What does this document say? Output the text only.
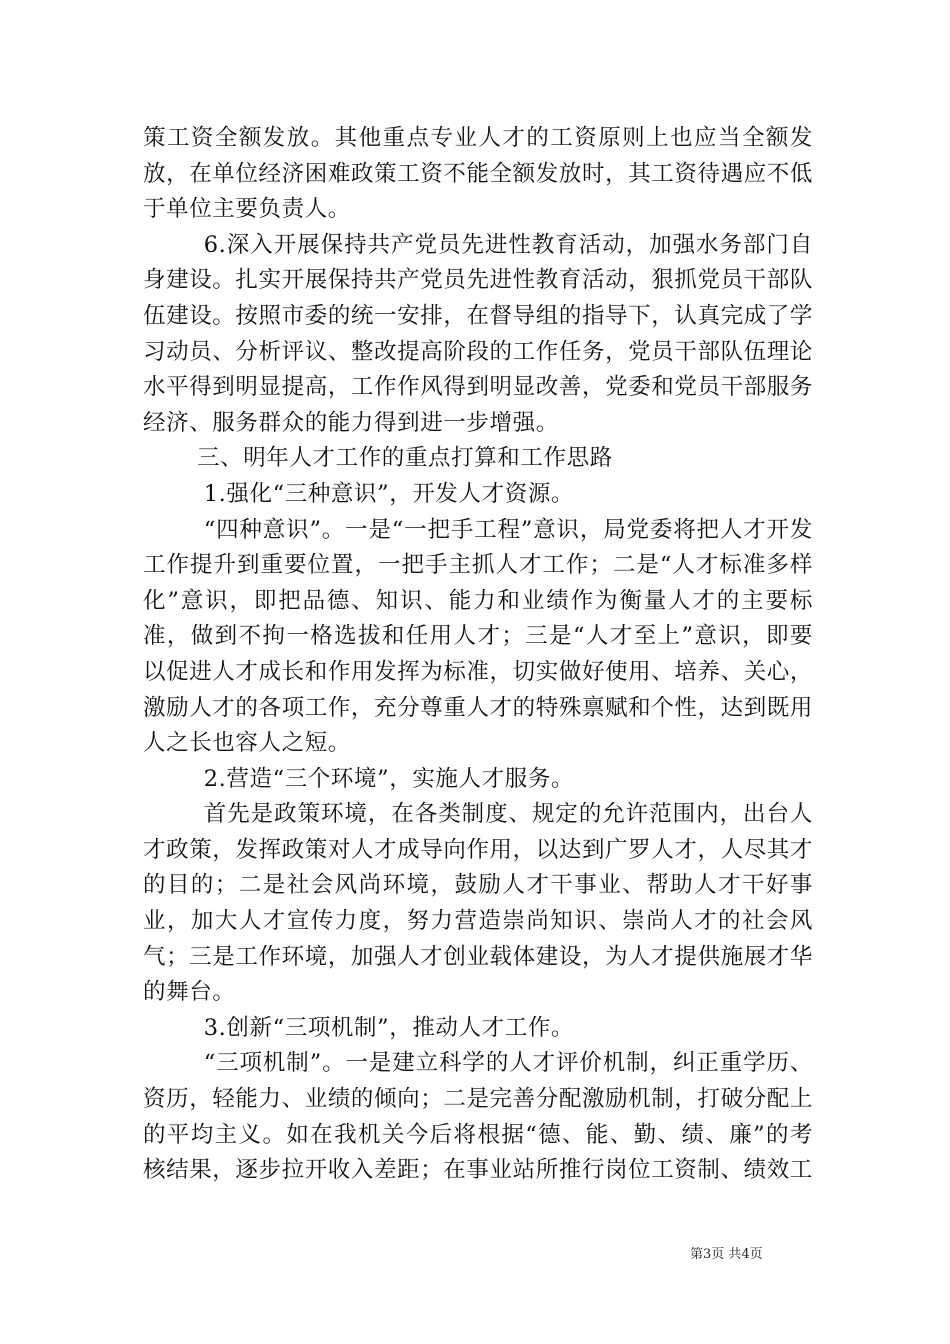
策工资全额发放。其他重点专业人才的工资原则上也应当全额发放，在单位经济困难政策工资不能全额发放时，其工资待遇应不低于单位主要负责人。

6.深入开展保持共产党员先进性教育活动，加强水务部门自身建设。扎实开展保持共产党员先进性教育活动，狠抓党员干部队伍建设。按照市委的统一安排，在督导组的指导下，认真完成了学习动员、分析评议、整改提高阶段的工作任务，党员干部队伍理论水平得到明显提高，工作作风得到明显改善，党委和党员干部服务经济、服务群众的能力得到进一步增强。

三、明年人才工作的重点打算和工作思路

1.强化“三种意识”，开发人才资源。

“四种意识”。一是“一把手工程”意识，局党委将把人才开发工作提升到重要位置，一把手主抓人才工作；二是“人才标准多样化”意识，即把品德、知识、能力和业绩作为衡量人才的主要标准，做到不拘一格选拔和任用人才；三是“人才至上”意识，即要以促进人才成长和作用发挥为标准，切实做好使用、培养、关心，激励人才的各项工作，充分尊重人才的特殊禀赋和个性，达到既用人之长也容人之短。

2.营造“三个环境”，实施人才服务。

首先是政策环境，在各类制度、规定的允许范围内，出台人才政策，发挥政策对人才成导向作用，以达到广罗人才，人尽其才的目的；二是社会风尚环境，鼓励人才干事业、帮助人才干好事业，加大人才宣传力度，努力营造崇尚知识、崇尚人才的社会风气；三是工作环境，加强人才创业载体建设，为人才提供施展才华的舞台。

3.创新“三项机制”，推动人才工作。

“三项机制”。一是建立科学的人才评价机制，纠正重学历、资历，轻能力、业绩的倾向；二是完善分配激励机制，打破分配上的平均主义。如在我机关今后将根据“德、能、勤、绩、廉”的考核结果，逐步拉开收入差距；在事业站所推行岗位工资制、绩效工

第3页 共4页
